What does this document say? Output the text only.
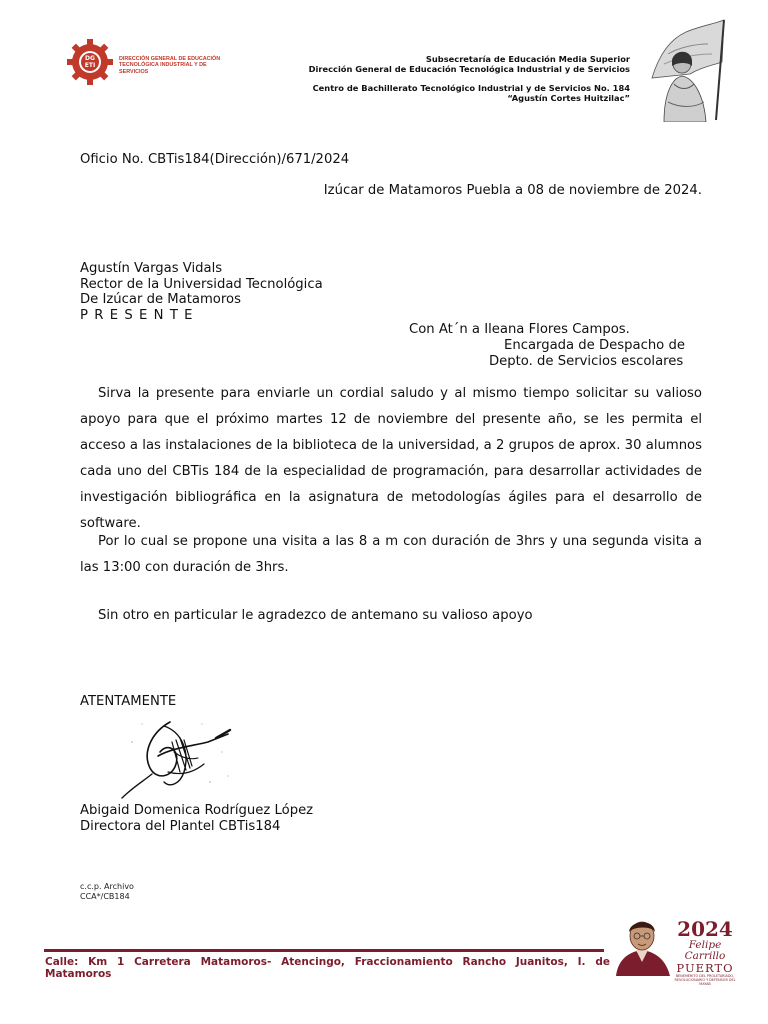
DG
ETI
DIRECCIÓN GENERAL DE EDUCACIÓN TECNOLÓGICA INDUSTRIAL Y DE SERVICIOS
Subsecretaría de Educación Media Superior
Dirección General de Educación Tecnológica Industrial y de Servicios
Centro de Bachillerato Tecnológico Industrial y de Servicios No. 184
“Agustín Cortes Huitzilac”
Oficio No. CBTis184(Dirección)/671/2024
Izúcar de Matamoros Puebla a 08 de noviembre de 2024.
Agustín Vargas Vidals
Rector de la Universidad Tecnológica
De Izúcar de Matamoros
PRESENTE
Con At´n a Ileana Flores Campos.
Encargada de Despacho de
Depto. de Servicios escolares
Sirva la presente para enviarle un cordial saludo y al mismo tiempo solicitar su valioso apoyo para que el próximo martes 12 de noviembre del presente año, se les permita el acceso a las instalaciones de la biblioteca de la universidad, a 2 grupos de aprox. 30 alumnos cada uno del CBTis 184 de la especialidad de programación, para desarrollar actividades de investigación bibliográfica en la asignatura de metodologías ágiles para el desarrollo de software.
Por lo cual se propone una visita a las 8 a m con duración de 3hrs y una segunda visita a las 13:00 con duración de 3hrs.
Sin otro en particular le agradezco de antemano su valioso apoyo
ATENTAMENTE
Abigaid Domenica Rodríguez López
Directora del Plantel CBTis184
c.c.p. Archivo
CCA*/CB184
Calle: Km 1 Carretera Matamoros- Atencingo, Fraccionamiento Rancho Juanitos, I. de Matamoros
2024
Felipe Carrillo
PUERTO
BENEMÉRITO DEL PROLETARIADO, REVOLUCIONARIO Y DEFENSOR DEL MAYAB
